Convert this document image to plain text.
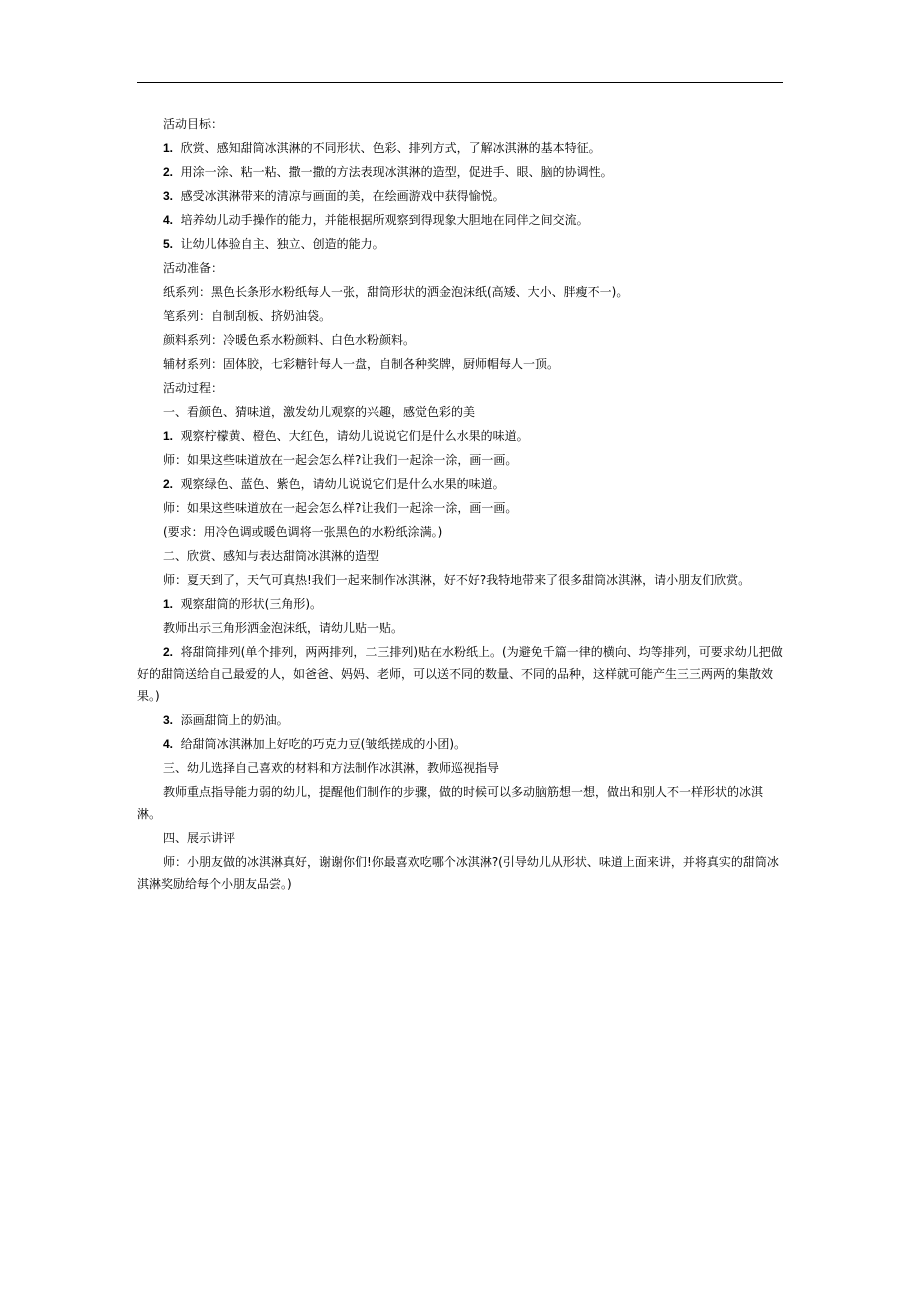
活动目标：

1. 欣赏、感知甜筒冰淇淋的不同形状、色彩、排列方式，了解冰淇淋的基本特征。

2. 用涂一涂、粘一粘、撒一撒的方法表现冰淇淋的造型，促进手、眼、脑的协调性。

3. 感受冰淇淋带来的清凉与画面的美，在绘画游戏中获得愉悦。

4. 培养幼儿动手操作的能力，并能根据所观察到得现象大胆地在同伴之间交流。

5. 让幼儿体验自主、独立、创造的能力。

活动准备：

纸系列：黑色长条形水粉纸每人一张，甜筒形状的洒金泡沫纸(高矮、大小、胖瘦不一)。

笔系列：自制刮板、挤奶油袋。

颜料系列：冷暖色系水粉颜料、白色水粉颜料。

辅材系列：固体胶，七彩糖针每人一盘，自制各种奖牌，厨师帽每人一顶。

活动过程：

一、看颜色、猜味道，激发幼儿观察的兴趣，感觉色彩的美

1. 观察柠檬黄、橙色、大红色，请幼儿说说它们是什么水果的味道。

师：如果这些味道放在一起会怎么样?让我们一起涂一涂，画一画。

2. 观察绿色、蓝色、紫色，请幼儿说说它们是什么水果的味道。

师：如果这些味道放在一起会怎么样?让我们一起涂一涂，画一画。

(要求：用冷色调或暖色调将一张黑色的水粉纸涂满。)

二、欣赏、感知与表达甜筒冰淇淋的造型

师：夏天到了，天气可真热!我们一起来制作冰淇淋，好不好?我特地带来了很多甜筒冰淇淋，请小朋友们欣赏。

1. 观察甜筒的形状(三角形)。

教师出示三角形洒金泡沫纸，请幼儿贴一贴。

2. 将甜筒排列(单个排列，两两排列，二三排列)贴在水粉纸上。(为避免千篇一律的横向、均等排列，可要求幼儿把做好的甜筒送给自己最爱的人，如爸爸、妈妈、老师，可以送不同的数量、不同的品种，这样就可能产生三三两两的集散效果。)

3. 添画甜筒上的奶油。

4. 给甜筒冰淇淋加上好吃的巧克力豆(皱纸搓成的小团)。

三、幼儿选择自己喜欢的材料和方法制作冰淇淋，教师巡视指导

教师重点指导能力弱的幼儿，提醒他们制作的步骤，做的时候可以多动脑筋想一想，做出和别人不一样形状的冰淇淋。

四、展示讲评

师：小朋友做的冰淇淋真好，谢谢你们!你最喜欢吃哪个冰淇淋?(引导幼儿从形状、味道上面来讲，并将真实的甜筒冰淇淋奖励给每个小朋友品尝。)
